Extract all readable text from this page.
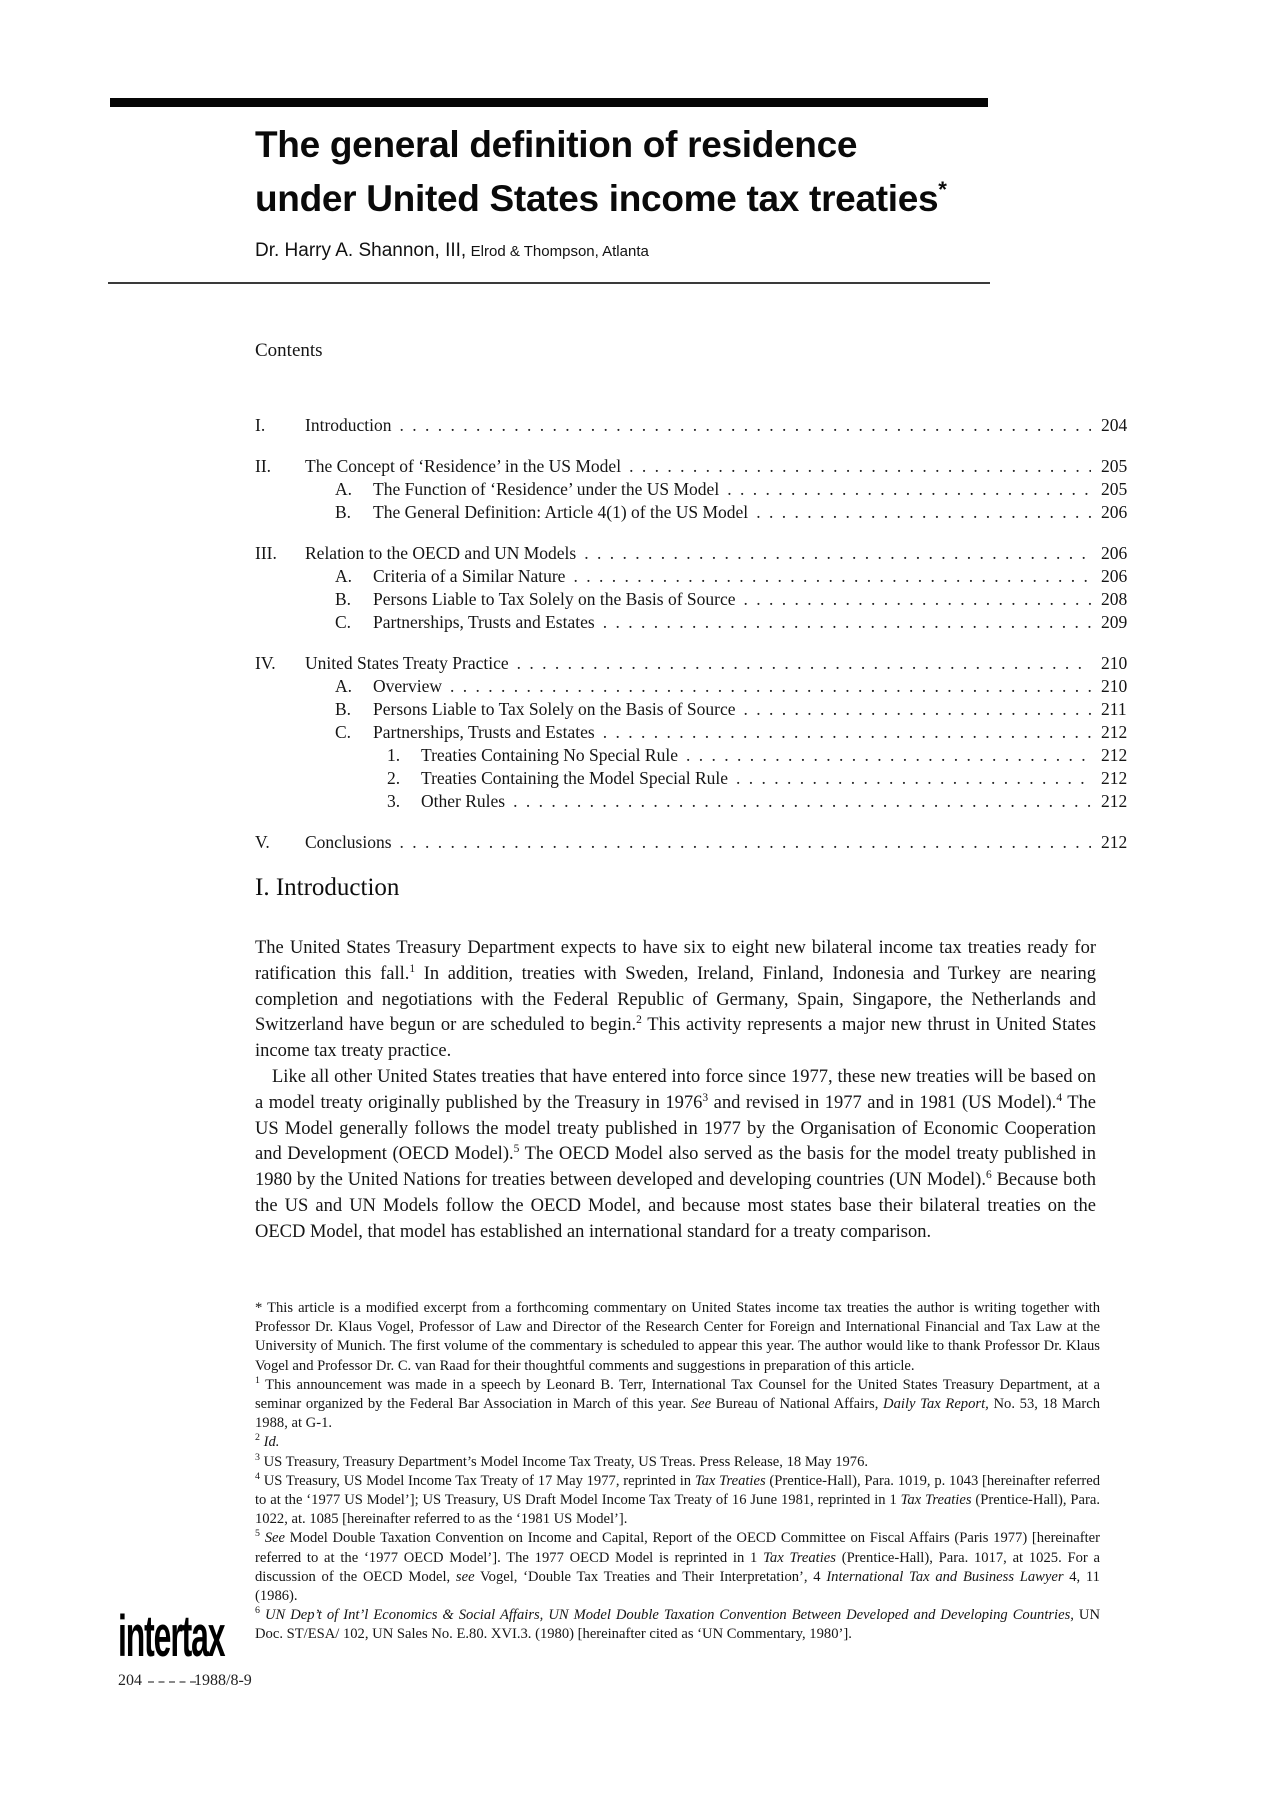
The general definition of residence
under United States income tax treaties*
Dr. Harry A. Shannon, III, Elrod & Thompson, Atlanta
Contents
I.	Introduction . . .	204
II.	The Concept of ‘Residence’ in the US Model . . .	205
A.	The Function of ‘Residence’ under the US Model . . .	205
B.	The General Definition: Article 4(1) of the US Model . . .	206
III.	Relation to the OECD and UN Models . . .	206
A.	Criteria of a Similar Nature . . .	206
B.	Persons Liable to Tax Solely on the Basis of Source . . .	208
C.	Partnerships, Trusts and Estates . . .	209
IV.	United States Treaty Practice . . .	210
A.	Overview . . .	210
B.	Persons Liable to Tax Solely on the Basis of Source . . .	211
C.	Partnerships, Trusts and Estates . . .	212
1.	Treaties Containing No Special Rule . . .	212
2.	Treaties Containing the Model Special Rule . . .	212
3.	Other Rules . . .	212
V.	Conclusions . . .	212
I. Introduction

The United States Treasury Department expects to have six to eight new bilateral income tax treaties ready for ratification this fall.$^1$ In addition, treaties with Sweden, Ireland, Finland, Indonesia and Turkey are nearing completion and negotiations with the Federal Republic of Germany, Spain, Singapore, the Netherlands and Switzerland have begun or are scheduled to begin.$^2$ This activity represents a major new thrust in United States income tax treaty practice.

Like all other United States treaties that have entered into force since 1977, these new treaties will be based on a model treaty originally published by the Treasury in 1976$^3$ and revised in 1977 and in 1981 (US Model).$^4$ The US Model generally follows the model treaty published in 1977 by the Organisation of Economic Cooperation and Development (OECD Model).$^5$ The OECD Model also served as the basis for the model treaty published in 1980 by the United Nations for treaties between developed and developing countries (UN Model).$^6$ Because both the US and UN Models follow the OECD Model, and because most states base their bilateral treaties on the OECD Model, that model has established an international standard for a treaty comparison.

* This article is a modified excerpt from a forthcoming commentary on United States income tax treaties the author is writing together with Professor Dr. Klaus Vogel, Professor of Law and Director of the Research Center for Foreign and International Financial and Tax Law at the University of Munich. The first volume of the commentary is scheduled to appear this year. The author would like to thank Professor Dr. Klaus Vogel and Professor Dr. C. van Raad for their thoughtful comments and suggestions in preparation of this article.

$^1$ This announcement was made in a speech by Leonard B. Terr, International Tax Counsel for the United States Treasury Department, at a seminar organized by the Federal Bar Association in March of this year. See Bureau of National Affairs, Daily Tax Report, No. 53, 18 March 1988, at G-1.

$^2$ Id.

$^3$ US Treasury, Treasury Department’s Model Income Tax Treaty, US Treas. Press Release, 18 May 1976.

$^4$ US Treasury, US Model Income Tax Treaty of 17 May 1977, reprinted in Tax Treaties (Prentice-Hall), Para. 1019, p. 1043 [hereinafter referred to at the ‘1977 US Model’]; US Treasury, US Draft Model Income Tax Treaty of 16 June 1981, reprinted in 1 Tax Treaties (Prentice-Hall), Para. 1022, at. 1085 [hereinafter referred to as the ‘1981 US Model’].

$^5$ See Model Double Taxation Convention on Income and Capital, Report of the OECD Committee on Fiscal Affairs (Paris 1977) [hereinafter referred to at the ‘1977 OECD Model’]. The 1977 OECD Model is reprinted in 1 Tax Treaties (Prentice-Hall), Para. 1017, at 1025. For a discussion of the OECD Model, see Vogel, ‘Double Tax Treaties and Their Interpretation’, 4 International Tax and Business Lawyer 4, 11 (1986).

$^6$ UN Dep’t of Int’l Economics & Social Affairs, UN Model Double Taxation Convention Between Developed and Developing Countries, UN Doc. ST/ESA/ 102, UN Sales No. E.80. XVI.3. (1980) [hereinafter cited as ‘UN Commentary, 1980’].

intertax
204	1988/8-9
